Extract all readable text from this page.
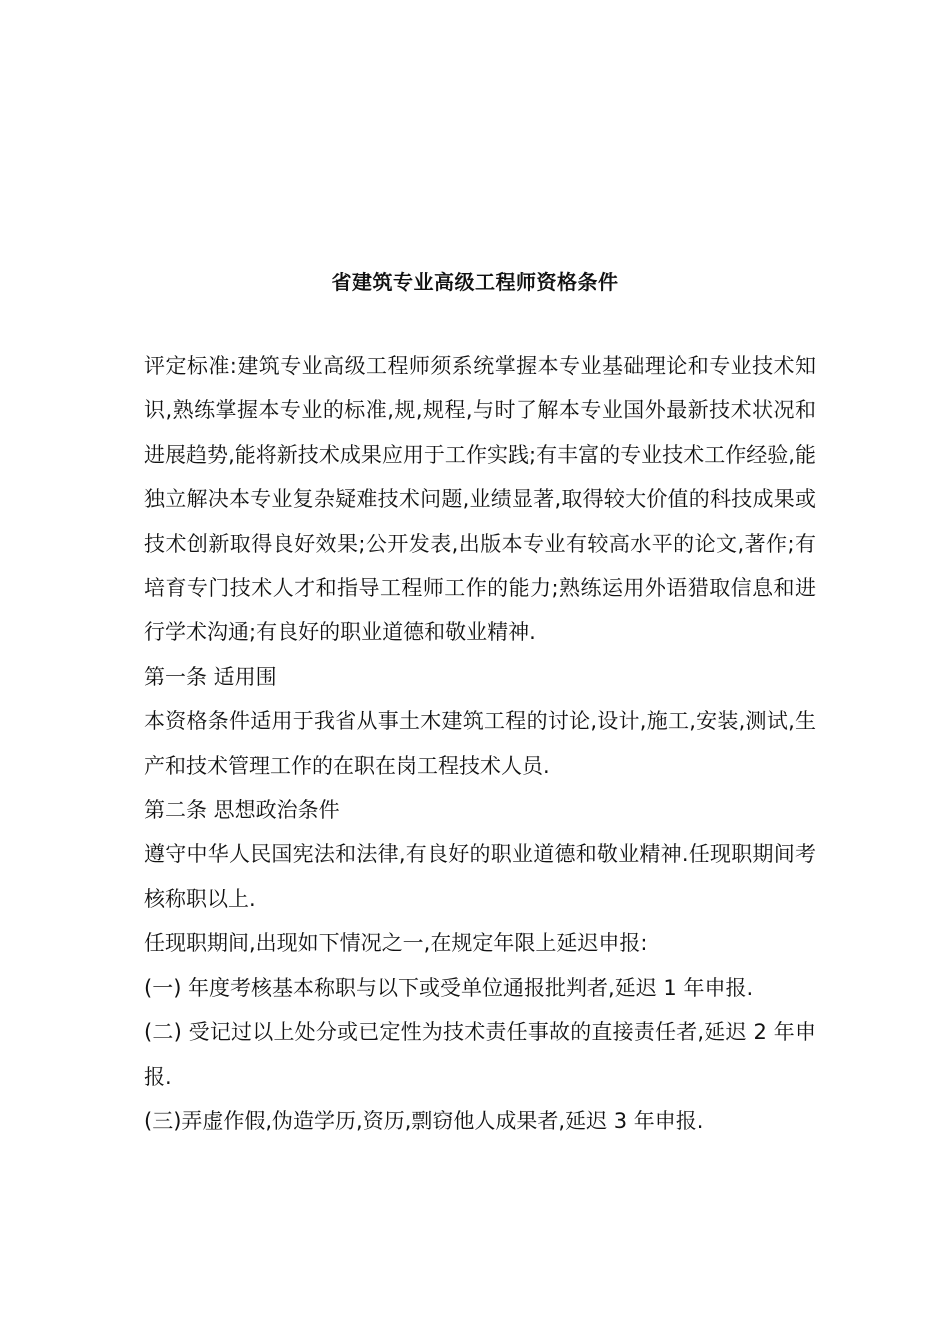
省建筑专业高级工程师资格条件

评定标准:建筑专业高级工程师须系统掌握本专业基础理论和专业技术知识,熟练掌握本专业的标准,规,规程,与时了解本专业国外最新技术状况和进展趋势,能将新技术成果应用于工作实践;有丰富的专业技术工作经验,能独立解决本专业复杂疑难技术问题,业绩显著,取得较大价值的科技成果或技术创新取得良好效果;公开发表,出版本专业有较高水平的论文,著作;有培育专门技术人才和指导工程师工作的能力;熟练运用外语猎取信息和进行学术沟通;有良好的职业道德和敬业精神.

第一条 适用围

本资格条件适用于我省从事土木建筑工程的讨论,设计,施工,安装,测试,生产和技术管理工作的在职在岗工程技术人员.

第二条 思想政治条件

遵守中华人民国宪法和法律,有良好的职业道德和敬业精神.任现职期间考核称职以上.

任现职期间,出现如下情况之一,在规定年限上延迟申报:

(一) 年度考核基本称职与以下或受单位通报批判者,延迟 1 年申报.

(二) 受记过以上处分或已定性为技术责任事故的直接责任者,延迟 2 年申报.

(三)弄虚作假,伪造学历,资历,剽窃他人成果者,延迟 3 年申报.
